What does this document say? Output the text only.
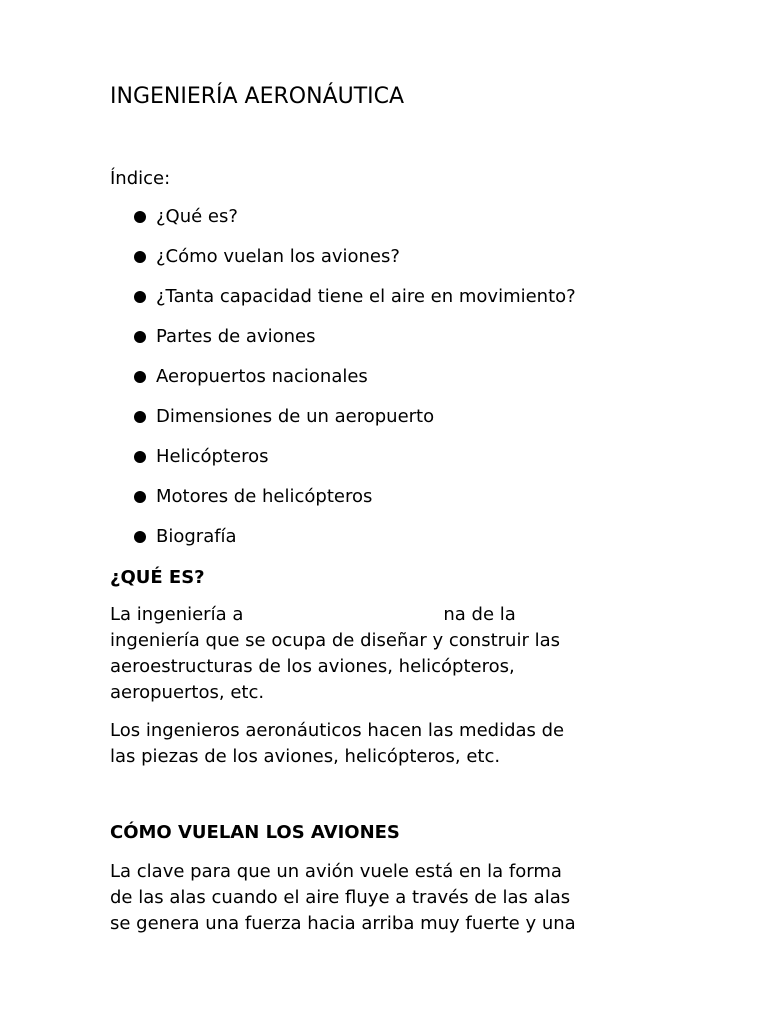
INGENIERÍA AERONÁUTICA

Índice:

¿Qué es?
¿Cómo vuelan los aviones?
¿Tanta capacidad tiene el aire en movimiento?
Partes de aviones
Aeropuertos nacionales
Dimensiones de un aeropuerto
Helicópteros
Motores de helicópteros
Biografía
¿QUÉ ES?

La ingeniería a	na de la
ingeniería que se ocupa de diseñar y construir las
aeroestructuras de los aviones, helicópteros,
aeropuertos, etc.

Los ingenieros aeronáuticos hacen las medidas de
las piezas de los aviones, helicópteros, etc.

CÓMO VUELAN LOS AVIONES

La clave para que un avión vuele está en la forma
de las alas cuando el aire fluye a través de las alas
se genera una fuerza hacia arriba muy fuerte y una
